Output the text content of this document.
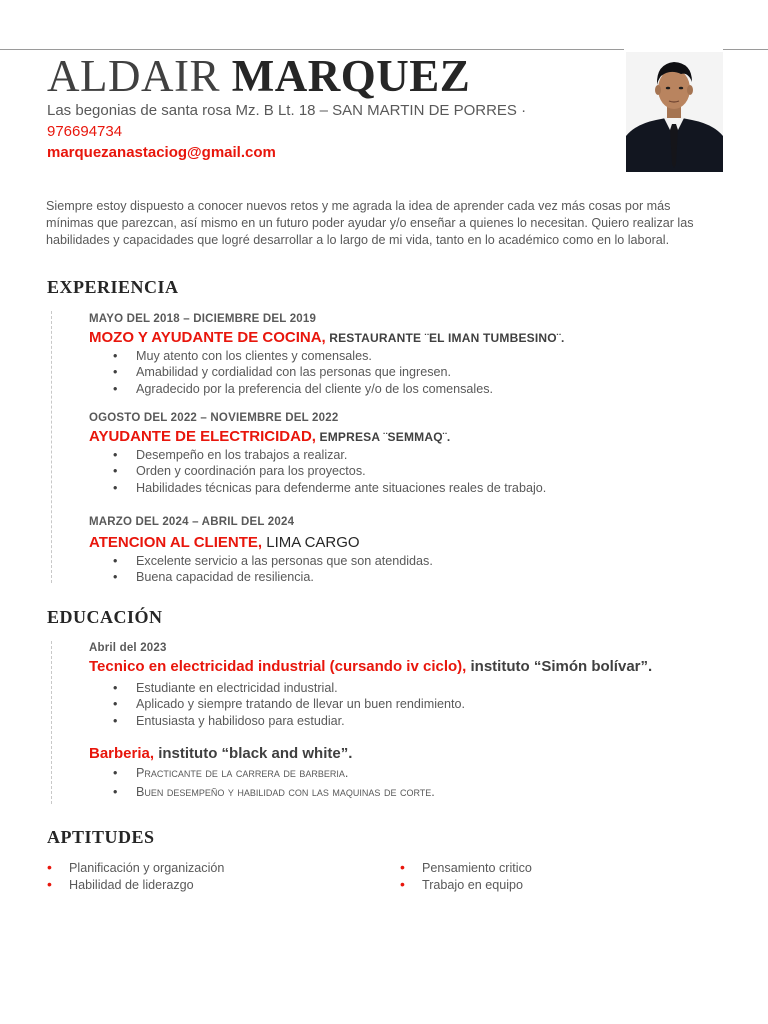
ALDAIR MARQUEZ
Las begonias de santa rosa Mz. B Lt. 18 – SAN MARTIN DE PORRES ·
976694734
marquezanastaciog@gmail.com

Siempre estoy dispuesto a conocer nuevos retos y me agrada la idea de aprender cada vez más cosas por más mínimas que parezcan, así mismo en un futuro poder ayudar y/o enseñar a quienes lo necesitan. Quiero realizar las habilidades y capacidades que logré desarrollar a lo largo de mi vida, tanto en lo académico como en lo laboral.

EXPERIENCIA
MAYO DEL 2018 – DICIEMBRE DEL 2019
MOZO Y AYUDANTE DE COCINA, RESTAURANTE ¨EL IMAN TUMBESINO¨.
• Muy atento con los clientes y comensales.
• Amabilidad y cordialidad con las personas que ingresen.
• Agradecido por la preferencia del cliente y/o de los comensales.
OGOSTO DEL 2022 – NOVIEMBRE DEL 2022
AYUDANTE DE ELECTRICIDAD, EMPRESA ¨SEMMAQ¨.
• Desempeño en los trabajos a realizar.
• Orden y coordinación para los proyectos.
• Habilidades técnicas para defenderme ante situaciones reales de trabajo.
MARZO DEL 2024 – ABRIL DEL 2024
ATENCION AL CLIENTE, LIMA CARGO
• Excelente servicio a las personas que son atendidas.
• Buena capacidad de resiliencia.
EDUCACIÓN
Abril del 2023
Tecnico en electricidad industrial (cursando iv ciclo), instituto “Simón bolívar”.
• Estudiante en electricidad industrial.
• Aplicado y siempre tratando de llevar un buen rendimiento.
• Entusiasta y habilidoso para estudiar.
Barberia, instituto “black and white”.
• Practicante de la carrera de barberia.
• Buen desempeño y habilidad con las maquinas de corte.
APTITUDES
• Planificación y organización
• Habilidad de liderazgo
• Pensamiento critico
• Trabajo en equipo
